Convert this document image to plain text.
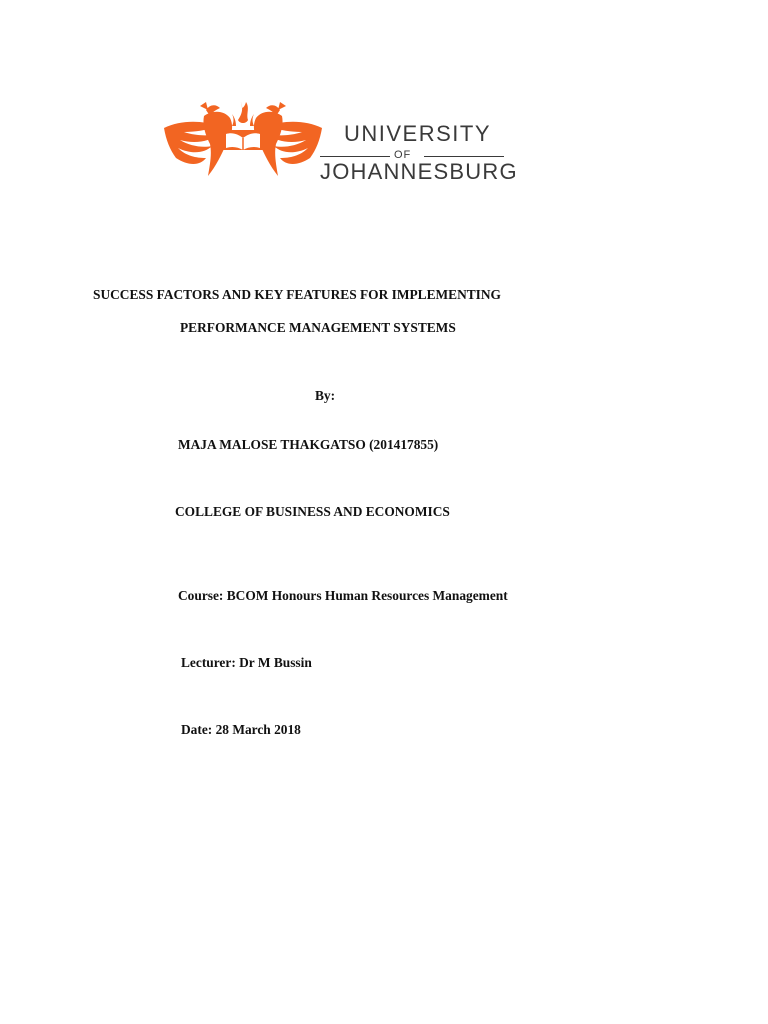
UNIVERSITY
OF
JOHANNESBURG

SUCCESS FACTORS AND KEY FEATURES FOR IMPLEMENTING

PERFORMANCE MANAGEMENT SYSTEMS

By:

MAJA MALOSE THAKGATSO (201417855)

COLLEGE OF BUSINESS AND ECONOMICS

Course: BCOM Honours Human Resources Management

Lecturer: Dr M Bussin

Date: 28 March 2018
